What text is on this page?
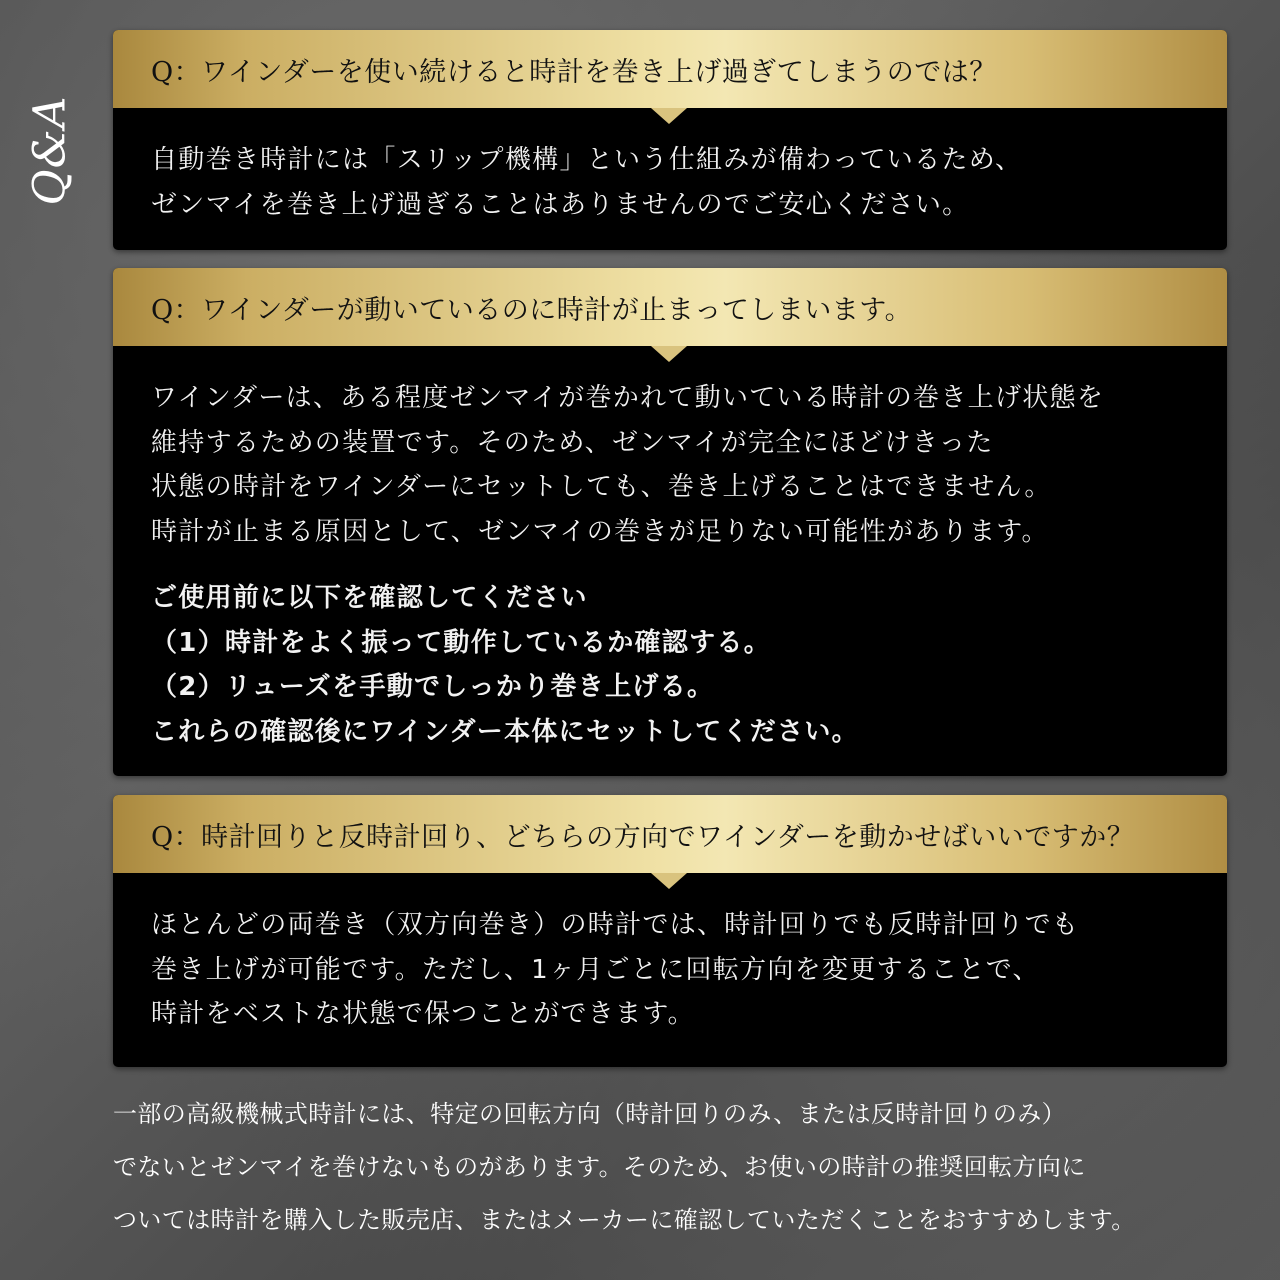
Q&A
Q：ワインダーを使い続けると時計を巻き上げ過ぎてしまうのでは？

自動巻き時計には「スリップ機構」という仕組みが備わっているため、

ゼンマイを巻き上げ過ぎることはありませんのでご安心ください。

Q：ワインダーが動いているのに時計が止まってしまいます。

ワインダーは、ある程度ゼンマイが巻かれて動いている時計の巻き上げ状態を

維持するための装置です。そのため、ゼンマイが完全にほどけきった

状態の時計をワインダーにセットしても、巻き上げることはできません。

時計が止まる原因として、ゼンマイの巻きが足りない可能性があります。

ご使用前に以下を確認してください

（1）時計をよく振って動作しているか確認する。

（2）リューズを手動でしっかり巻き上げる。

これらの確認後にワインダー本体にセットしてください。

Q：時計回りと反時計回り、どちらの方向でワインダーを動かせばいいですか？

ほとんどの両巻き（双方向巻き）の時計では、時計回りでも反時計回りでも

巻き上げが可能です。ただし、1ヶ月ごとに回転方向を変更することで、

時計をベストな状態で保つことができます。

一部の高級機械式時計には、特定の回転方向（時計回りのみ、または反時計回りのみ）

でないとゼンマイを巻けないものがあります。そのため、お使いの時計の推奨回転方向に

ついては時計を購入した販売店、またはメーカーに確認していただくことをおすすめします。
